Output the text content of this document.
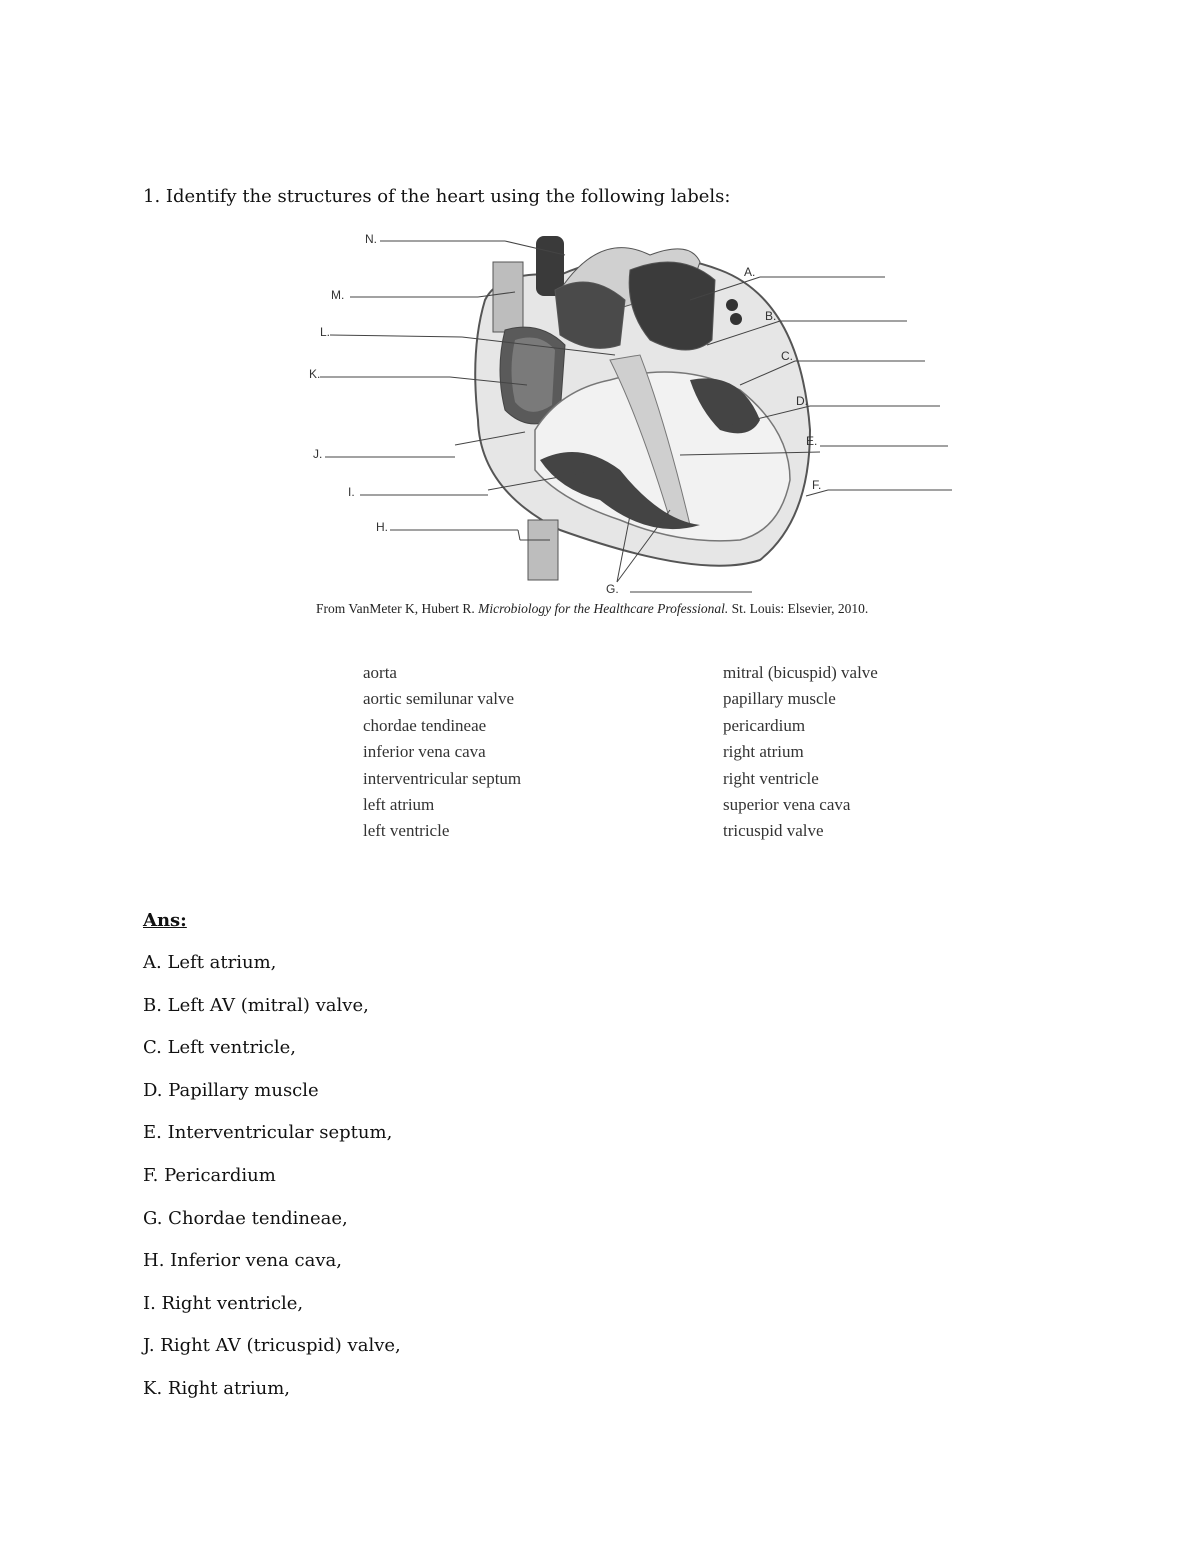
1. Identify the structures of the heart using the following labels:
N.
M.
L.
K.
J.
I.
H.
A.
B.
C.
D.
E.
F.
G.
From VanMeter K, Hubert R. Microbiology for the Healthcare Professional. St. Louis: Elsevier, 2010.
aorta
aortic semilunar valve
chordae tendineae
inferior vena cava
interventricular septum
left atrium
left ventricle
mitral (bicuspid) valve
papillary muscle
pericardium
right atrium
right ventricle
superior vena cava
tricuspid valve
Ans:
A. Left atrium,
B. Left AV (mitral) valve,
C. Left ventricle,
D. Papillary muscle
E. Interventricular septum,
F. Pericardium
G. Chordae tendineae,
H. Inferior vena cava,
I. Right ventricle,
J. Right AV (tricuspid) valve,
K. Right atrium,
